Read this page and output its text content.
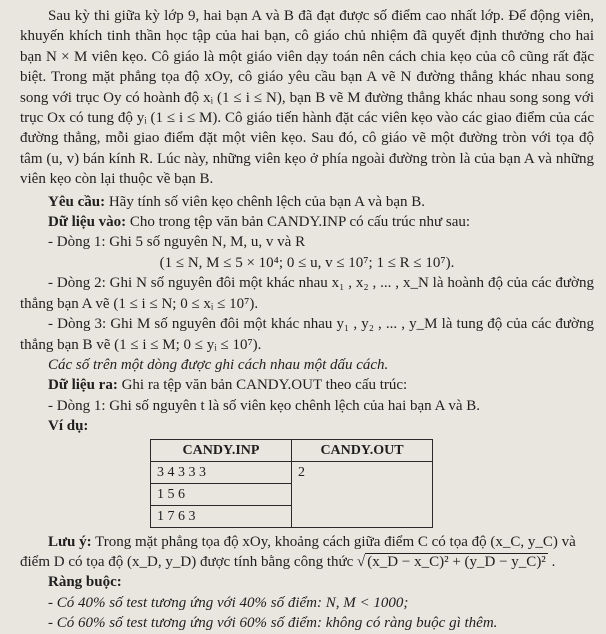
Sau kỳ thi giữa kỳ lớp 9, hai bạn A và B đã đạt được số điểm cao nhất lớp. Để động viên, khuyến khích tinh thần học tập của hai bạn, cô giáo chủ nhiệm đã quyết định thưởng cho hai bạn N × M viên kẹo. Cô giáo là một giáo viên dạy toán nên cách chia kẹo của cô cũng rất đặc biệt. Trong mặt phẳng tọa độ xOy, cô giáo yêu cầu bạn A vẽ N đường thẳng khác nhau song song với trục Oy có hoành độ xᵢ (1 ≤ i ≤ N), bạn B vẽ M đường thẳng khác nhau song song với trục Ox có tung độ yᵢ (1 ≤ i ≤ M). Cô giáo tiến hành đặt các viên kẹo vào các giao điểm của các đường thẳng, mỗi giao điểm đặt một viên kẹo. Sau đó, cô giáo vẽ một đường tròn với tọa độ tâm (u, v) bán kính R. Lúc này, những viên kẹo ở phía ngoài đường tròn là của bạn A và những viên kẹo còn lại thuộc về bạn B.

Yêu cầu: Hãy tính số viên kẹo chênh lệch của bạn A và bạn B.

Dữ liệu vào: Cho trong tệp văn bản CANDY.INP có cấu trúc như sau:

- Dòng 1: Ghi 5 số nguyên N, M, u, v và R

(1 ≤ N, M ≤ 5 × 10⁴; 0 ≤ u, v ≤ 10⁷; 1 ≤ R ≤ 10⁷).

- Dòng 2: Ghi N số nguyên đôi một khác nhau x₁ , x₂ , ... , x_N là hoành độ của các đường thẳng bạn A vẽ (1 ≤ i ≤ N; 0 ≤ xᵢ ≤ 10⁷).

- Dòng 3: Ghi M số nguyên đôi một khác nhau y₁ , y₂ , ... , y_M là tung độ của các đường thẳng bạn B vẽ (1 ≤ i ≤ M; 0 ≤ yᵢ ≤ 10⁷).

Các số trên một dòng được ghi cách nhau một dấu cách.

Dữ liệu ra: Ghi ra tệp văn bản CANDY.OUT theo cấu trúc:

- Dòng 1: Ghi số nguyên t là số viên kẹo chênh lệch của hai bạn A và B.

Ví dụ:

CANDY.INP	CANDY.OUT
3 4 3 3 3	2
1 5 6	
1 7 6 3	

Lưu ý: Trong mặt phẳng tọa độ xOy, khoảng cách giữa điểm C có tọa độ (x_C, y_C) và

điểm D có tọa độ (x_D, y_D) được tính bằng công thức √ (x_D − x_C)² + (y_D − y_C)² .

Ràng buộc:

- Có 40% số test tương ứng với 40% số điểm: N, M < 1000;

- Có 60% số test tương ứng với 60% số điểm: không có ràng buộc gì thêm.
